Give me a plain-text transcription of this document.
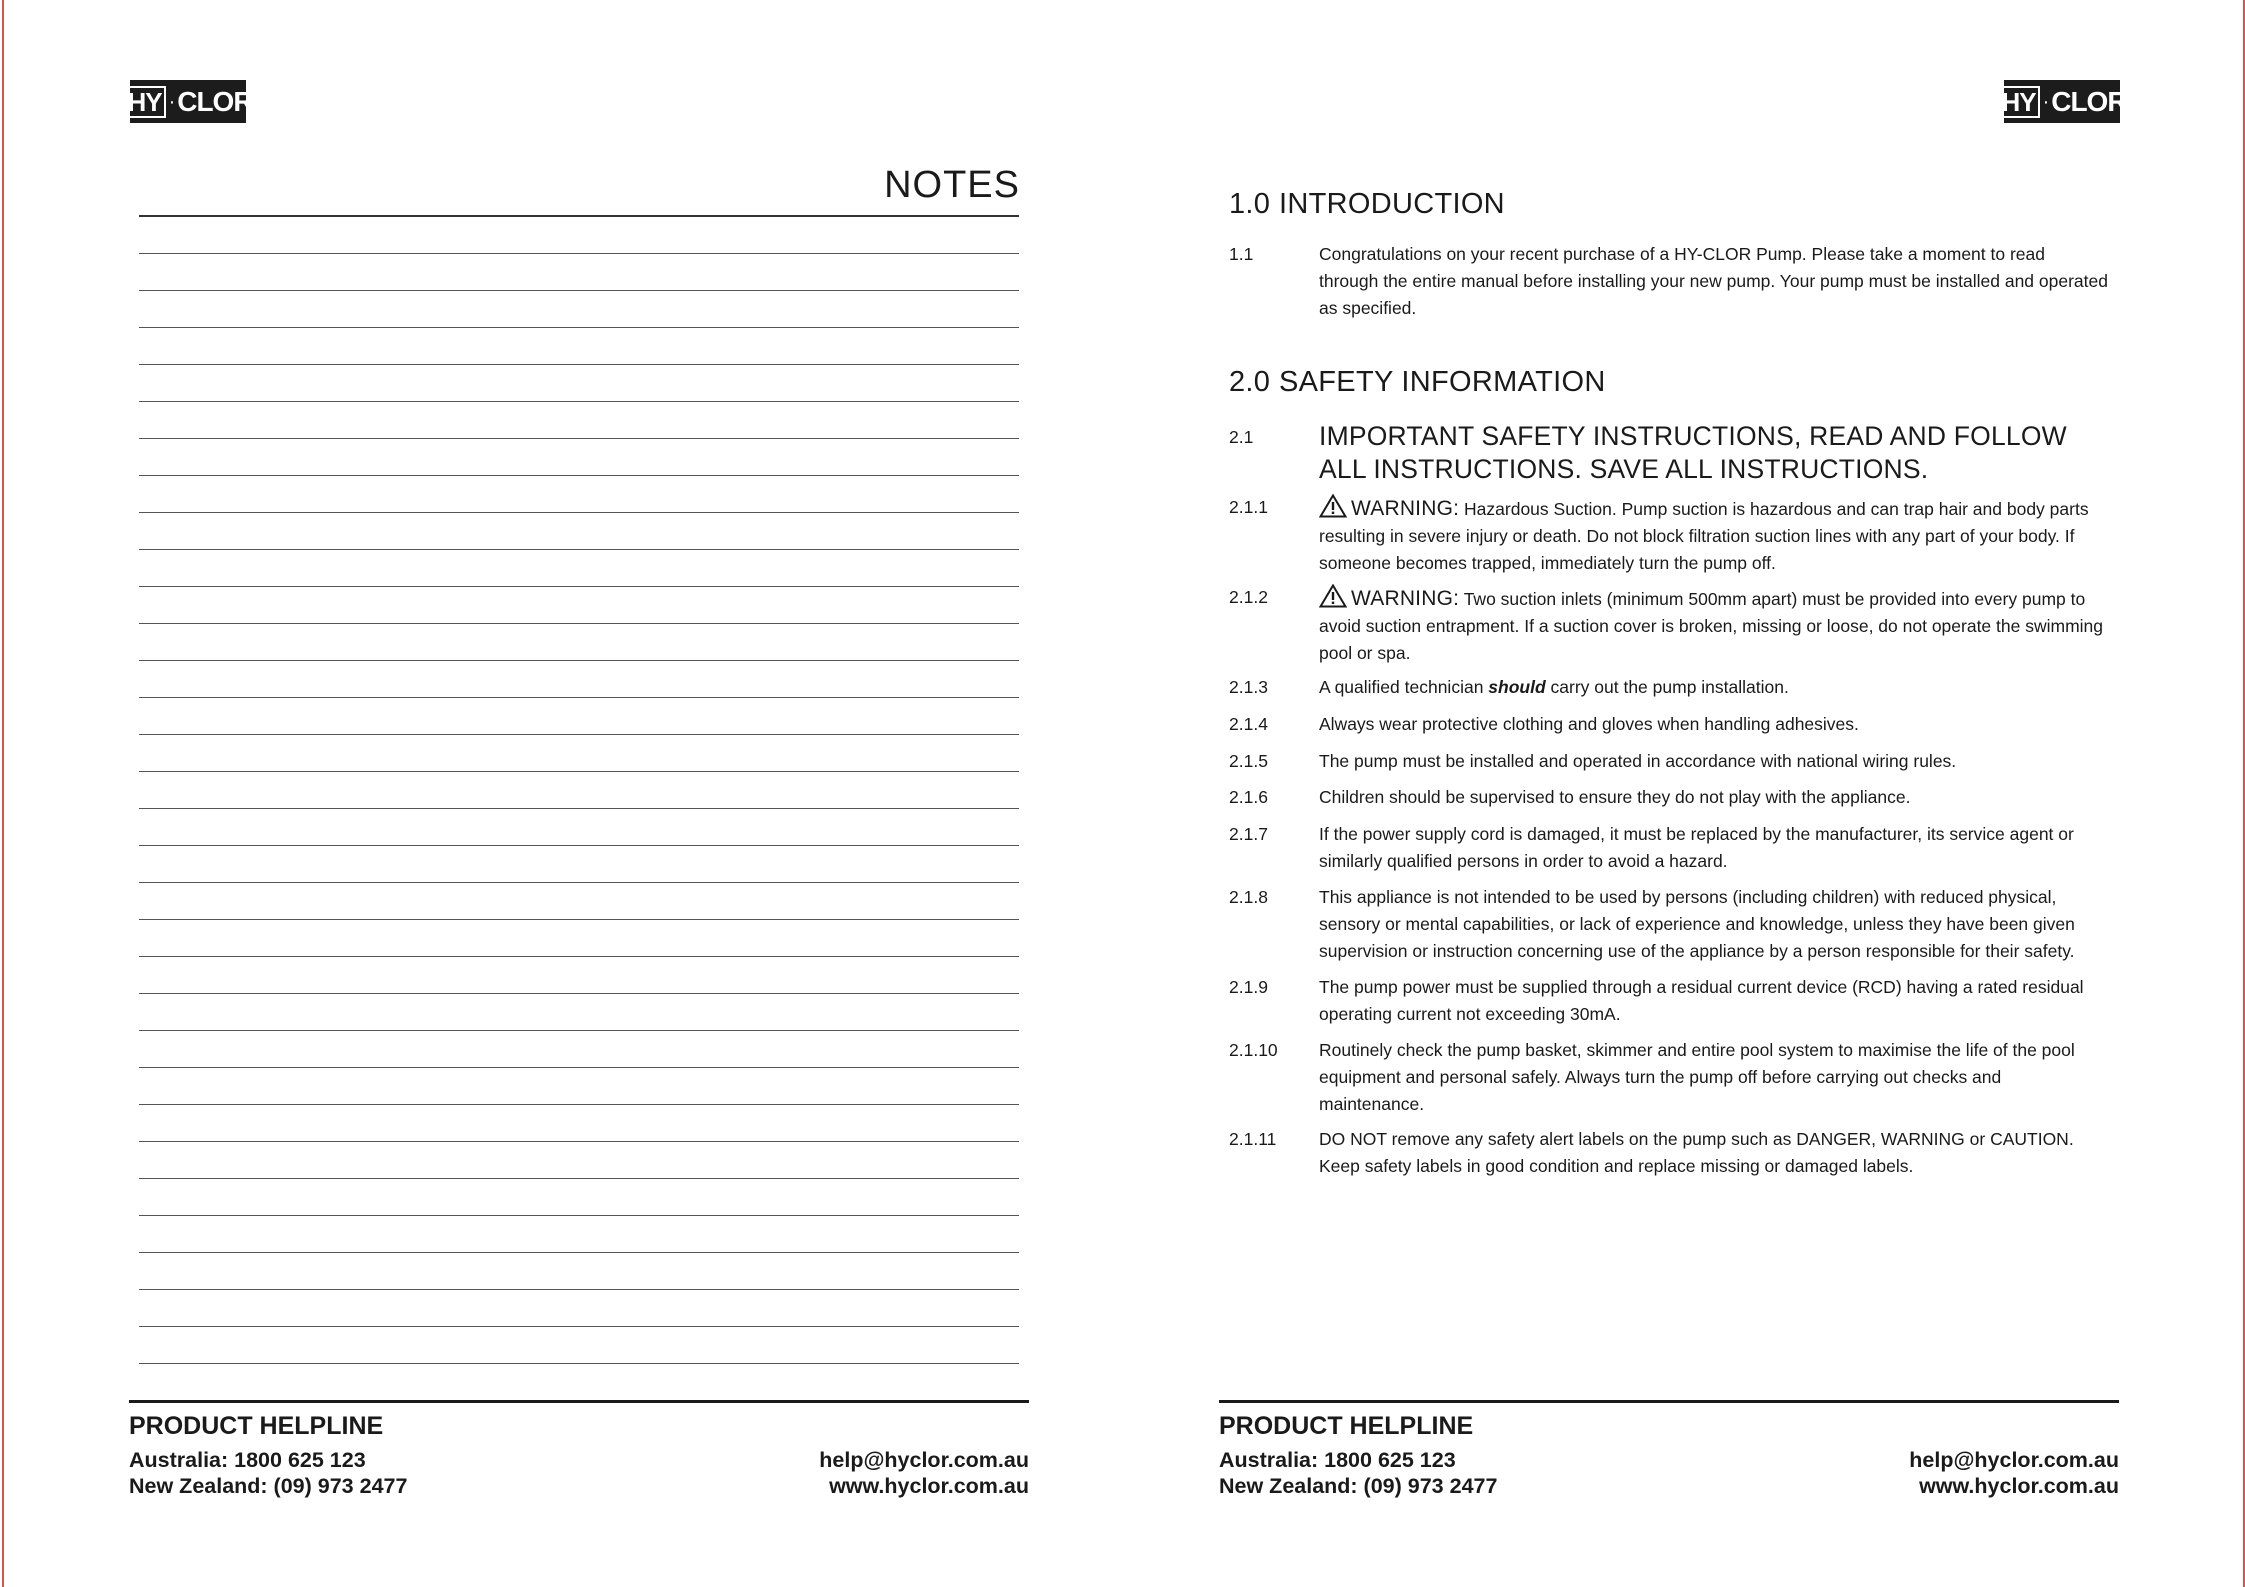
HY · CLOR	HY · CLOR
NOTES	1.0 INTRODUCTION
1.1	Congratulations on your recent purchase of a HY-CLOR Pump. Please take a moment to read through the entire manual before installing your new pump. Your pump must be installed and operated as specified.
2.0 SAFETY INFORMATION
2.1	IMPORTANT SAFETY INSTRUCTIONS, READ AND FOLLOW ALL INSTRUCTIONS. SAVE ALL INSTRUCTIONS.
2.1.1	WARNING: Hazardous Suction. Pump suction is hazardous and can trap hair and body parts resulting in severe injury or death. Do not block filtration suction lines with any part of your body. If someone becomes trapped, immediately turn the pump off.
2.1.2	WARNING: Two suction inlets (minimum 500mm apart) must be provided into every pump to avoid suction entrapment. If a suction cover is broken, missing or loose, do not operate the swimming pool or spa.
2.1.3	A qualified technician should carry out the pump installation.
2.1.4	Always wear protective clothing and gloves when handling adhesives.
2.1.5	The pump must be installed and operated in accordance with national wiring rules.
2.1.6	Children should be supervised to ensure they do not play with the appliance.
2.1.7	If the power supply cord is damaged, it must be replaced by the manufacturer, its service agent or similarly qualified persons in order to avoid a hazard.
2.1.8	This appliance is not intended to be used by persons (including children) with reduced physical, sensory or mental capabilities, or lack of experience and knowledge, unless they have been given supervision or instruction concerning use of the appliance by a person responsible for their safety.
2.1.9	The pump power must be supplied through a residual current device (RCD) having a rated residual operating current not exceeding 30mA.
2.1.10	Routinely check the pump basket, skimmer and entire pool system to maximise the life of the pool equipment and personal safely. Always turn the pump off before carrying out checks and maintenance.
2.1.11	DO NOT remove any safety alert labels on the pump such as DANGER, WARNING or CAUTION. Keep safety labels in good condition and replace missing or damaged labels.
PRODUCT HELPLINE
Australia: 1800 625 123
New Zealand: (09) 973 2477
help@hyclor.com.au
www.hyclor.com.au
PRODUCT HELPLINE
Australia: 1800 625 123
New Zealand: (09) 973 2477
help@hyclor.com.au
www.hyclor.com.au
